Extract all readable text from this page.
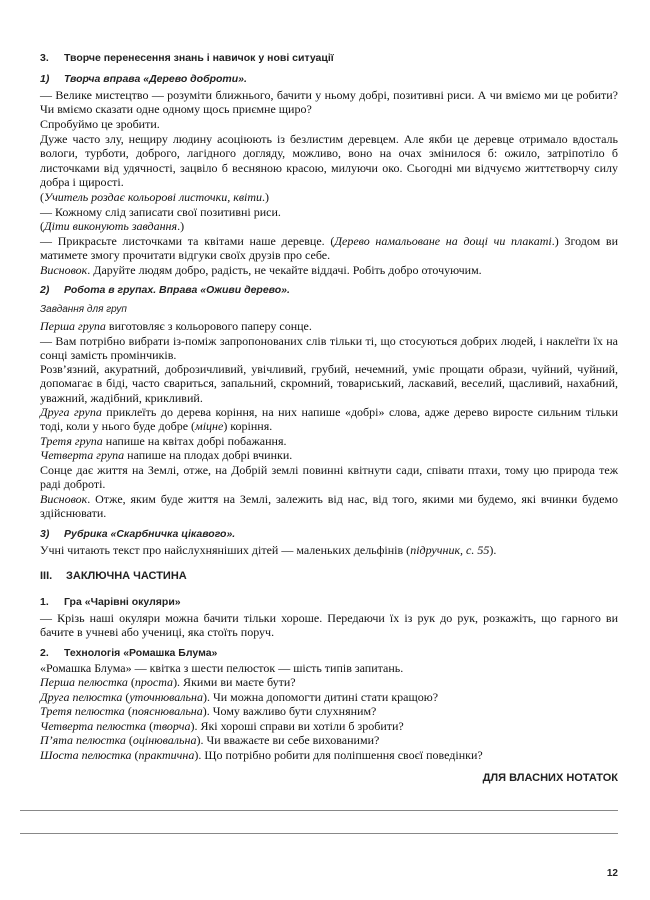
3. Творче перенесення знань і навичок у нові ситуації
1) Творча вправа «Дерево доброти».
— Велике мистецтво — розуміти ближнього, бачити у ньому добрі, позитивні риси. А чи вміємо ми це робити? Чи вміємо сказати одне одному щось приємне щиро?
Спробуймо це зробити.
Дуже часто злу, нещиру людину асоціюють із безлистим деревцем. Але якби це деревце отримало вдосталь вологи, турботи, доброго, лагідного догляду, можливо, воно на очах змінилося б: ожило, затріпотіло б листочками від удячності, зацвіло б весняною красою, милуючи око. Сьогодні ми відчуємо життєтворчу силу добра і щирості.
(Учитель роздає кольорові листочки, квіти.)
— Кожному слід записати свої позитивні риси.
(Діти виконують завдання.)
— Прикрасьте листочками та квітами наше деревце. (Дерево намальоване на дощі чи плакаті.) Згодом ви матимете змогу прочитати відгуки своїх друзів про себе.
Висновок. Даруйте людям добро, радість, не чекайте віддачі. Робіть добро оточуючим.
2) Робота в групах. Вправа «Оживи дерево».
Завдання для груп
Перша група виготовляє з кольорового паперу сонце.
— Вам потрібно вибрати із-поміж запропонованих слів тільки ті, що стосуються добрих людей, і наклеїти їх на сонці замість промінчиків.
Розв’язний, акуратний, доброзичливий, увічливий, грубий, нечемний, уміє прощати образи, чуйний, чуйний, допомагає в біді, часто свариться, запальний, скромний, товариський, ласкавий, веселий, щасливий, нахабний, уважний, жадібний, крикливий.
Друга група приклеїть до дерева коріння, на них напише «добрі» слова, адже дерево виросте сильним тільки тоді, коли у нього буде добре (міцне) коріння.
Третя група напише на квітах добрі побажання.
Четверта група напише на плодах добрі вчинки.
Сонце дає життя на Землі, отже, на Добрій землі повинні квітнути сади, співати птахи, тому цю природа теж раді доброті.
Висновок. Отже, яким буде життя на Землі, залежить від нас, від того, якими ми будемо, які вчинки будемо здійснювати.
3) Рубрика «Скарбничка цікавого».
Учні читають текст про найслухняніших дітей — маленьких дельфінів (підручник, с. 55).
III. ЗАКЛЮЧНА ЧАСТИНА
1. Гра «Чарівні окуляри»
— Крізь наші окуляри можна бачити тільки хороше. Передаючи їх із рук до рук, розкажіть, що гарного ви бачите в учневі або учениці, яка стоїть поруч.
2. Технологія «Ромашка Блума»
«Ромашка Блума» — квітка з шести пелюсток — шість типів запитань.
Перша пелюстка (проста). Якими ви маєте бути?
Друга пелюстка (уточнювальна). Чи можна допомогти дитині стати кращою?
Третя пелюстка (пояснювальна). Чому важливо бути слухняним?
Четверта пелюстка (творча). Які хороші справи ви хотіли б зробити?
П’ята пелюстка (оцінювальна). Чи вважаєте ви себе вихованими?
Шоста пелюстка (практична). Що потрібно робити для поліпшення своєї поведінки?
ДЛЯ ВЛАСНИХ НОТАТОК
12
